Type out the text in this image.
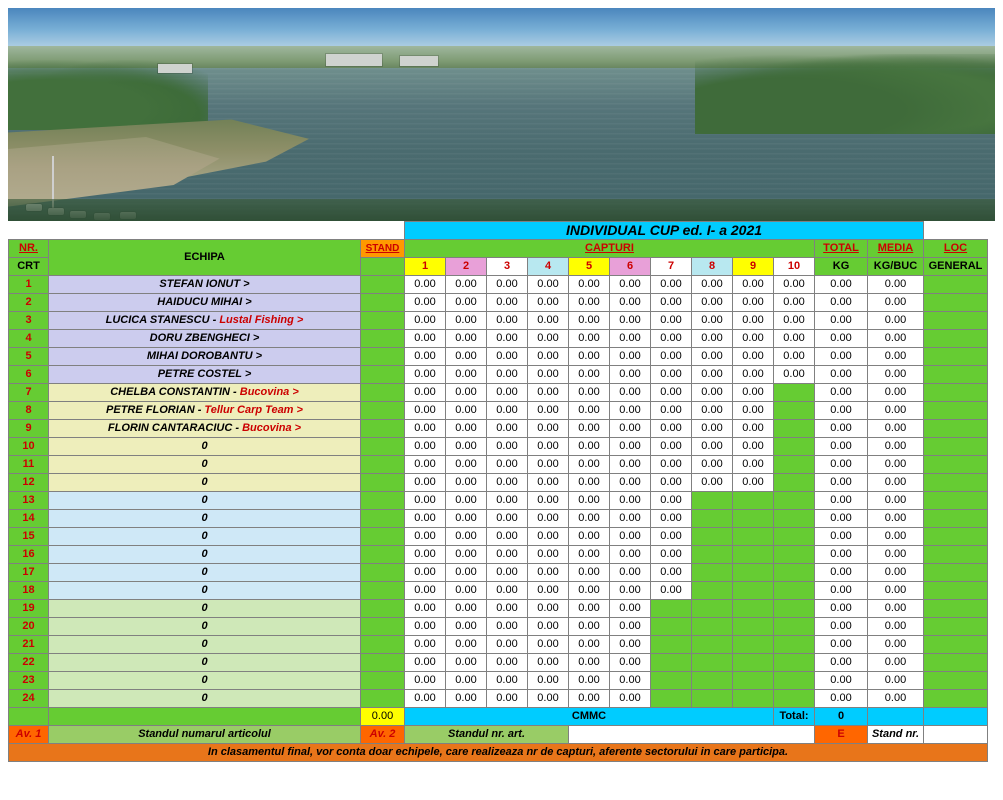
			INDIVIDUAL CUP ed. I- a 2021												
NR.	ECHIPA	STAND	CAPTURI										TOTAL	MEDIA	LOC
CRT			1	2	3	4	5	6	7	8	9	10	KG	KG/BUC	GENERAL
1	STEFAN IONUT >		0.00	0.00	0.00	0.00	0.00	0.00	0.00	0.00	0.00	0.00	0.00	0.00	
2	HAIDUCU MIHAI >		0.00	0.00	0.00	0.00	0.00	0.00	0.00	0.00	0.00	0.00	0.00	0.00	
3	LUCICA STANESCU - Lustal Fishing >		0.00	0.00	0.00	0.00	0.00	0.00	0.00	0.00	0.00	0.00	0.00	0.00	
4	DORU ZBENGHECI >		0.00	0.00	0.00	0.00	0.00	0.00	0.00	0.00	0.00	0.00	0.00	0.00	
5	MIHAI DOROBANTU >		0.00	0.00	0.00	0.00	0.00	0.00	0.00	0.00	0.00	0.00	0.00	0.00	
6	PETRE COSTEL >		0.00	0.00	0.00	0.00	0.00	0.00	0.00	0.00	0.00	0.00	0.00	0.00	
7	CHELBA CONSTANTIN - Bucovina >		0.00	0.00	0.00	0.00	0.00	0.00	0.00	0.00	0.00		0.00	0.00	
8	PETRE FLORIAN - Tellur Carp Team >		0.00	0.00	0.00	0.00	0.00	0.00	0.00	0.00	0.00		0.00	0.00	
9	FLORIN CANTARACIUC - Bucovina >		0.00	0.00	0.00	0.00	0.00	0.00	0.00	0.00	0.00		0.00	0.00	
10	0		0.00	0.00	0.00	0.00	0.00	0.00	0.00	0.00	0.00		0.00	0.00	
11	0		0.00	0.00	0.00	0.00	0.00	0.00	0.00	0.00	0.00		0.00	0.00	
12	0		0.00	0.00	0.00	0.00	0.00	0.00	0.00	0.00	0.00		0.00	0.00	
13	0		0.00	0.00	0.00	0.00	0.00	0.00	0.00				0.00	0.00	
14	0		0.00	0.00	0.00	0.00	0.00	0.00	0.00				0.00	0.00	
15	0		0.00	0.00	0.00	0.00	0.00	0.00	0.00				0.00	0.00	
16	0		0.00	0.00	0.00	0.00	0.00	0.00	0.00				0.00	0.00	
17	0		0.00	0.00	0.00	0.00	0.00	0.00	0.00				0.00	0.00	
18	0		0.00	0.00	0.00	0.00	0.00	0.00	0.00				0.00	0.00	
19	0		0.00	0.00	0.00	0.00	0.00	0.00					0.00	0.00	
20	0		0.00	0.00	0.00	0.00	0.00	0.00					0.00	0.00	
21	0		0.00	0.00	0.00	0.00	0.00	0.00					0.00	0.00	
22	0		0.00	0.00	0.00	0.00	0.00	0.00					0.00	0.00	
23	0		0.00	0.00	0.00	0.00	0.00	0.00					0.00	0.00	
24	0		0.00	0.00	0.00	0.00	0.00	0.00					0.00	0.00	
		0.00	CMMC									Total:	0		
Av. 1	Standul numarul articolul	Av. 2	Standul nr. art.										E	Stand nr.	
In clasamentul final, vor conta doar echipele, care realizeaza nr de capturi, aferente sectorului in care participa.															
